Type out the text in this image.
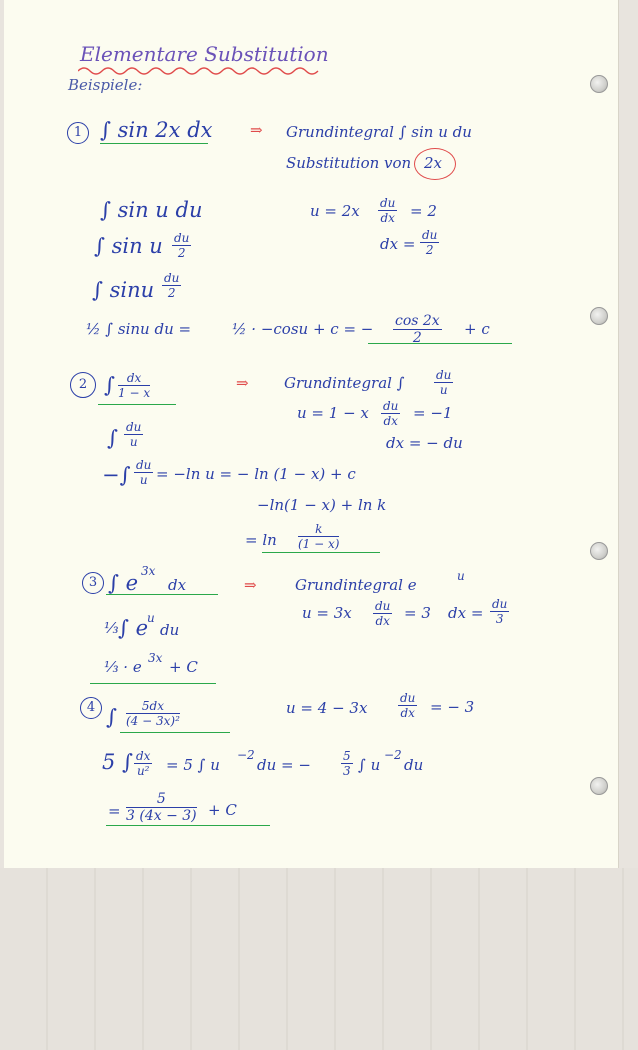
Elementare Substitution
Beispiele:
1 ∫ sin 2x dx	⇒ Grundintegral ∫ sin u du
Substitution von 2x
∫ sin u du	$u = 2x \frac{du}{dx} = 2$
dx = $\frac{du}{2}$
∫ sin u $\frac{du}{2}$
∫ sinu $\frac{du}{2}$
½ ∫ sinu du =	½ · −cosu + c = − $\frac{\cos 2x}{2} + c$
2 ∫ $\frac{dx}{1 - x}$	⇒ Grundintegral ∫ $\frac{du}{u}$
u = 1 − x $\frac{du}{dx} = -1$
dx = − du
∫ $\frac{du}{u}$
−∫ $\frac{du}{u} = -\ln$ u = − ln (1 − x) + c
−ln(1 − x) + ln k
= $\ln \frac{k}{(1 - x)}$
3 ∫ e 3x
dx	⇒	Grundintegral e	u
$u = 3x \frac{du}{dx} = 3$ dx = $\frac{du}{3}$
⅓ ∫ e
u
du
⅓ · e 3x + C
4 ∫ $\frac{5dx}{\text{(4 − 3x)²}}$	u = 4 − 3x	$\frac{du}{dx}$ = − 3
5 ∫ $\frac{dx}{\text{u²}} = 5$ ∫ u
−2
du = −	$\frac{5}{3}$ ∫ u
−2
du
= $\frac{5}{3 (4x - 3)} + C$
